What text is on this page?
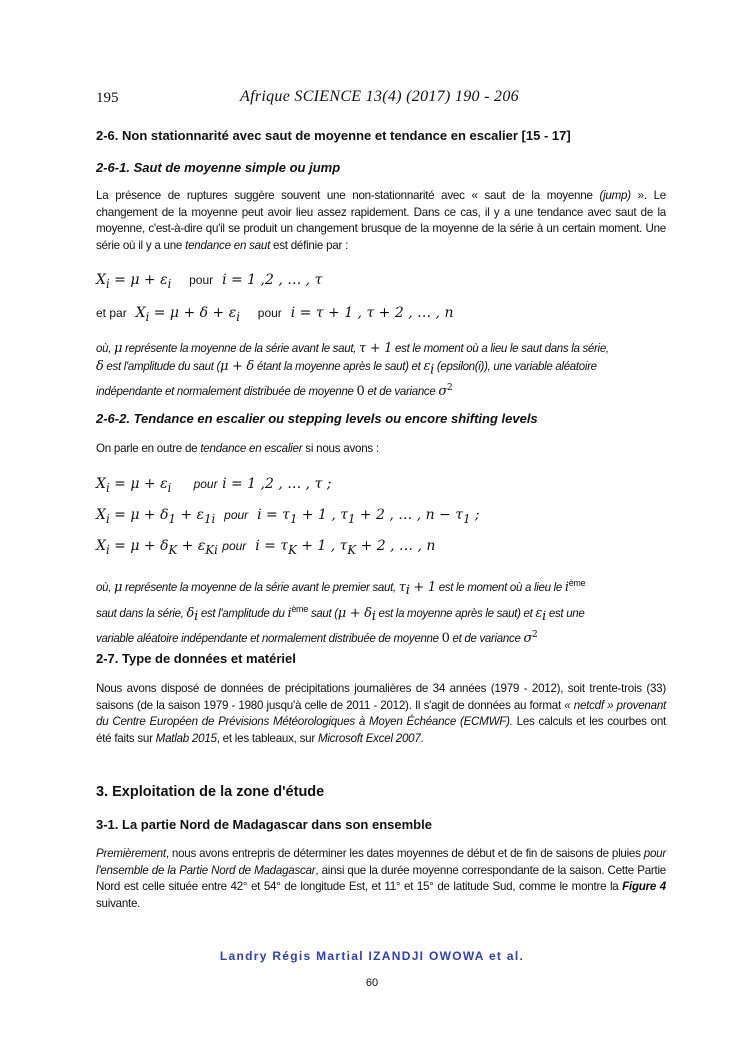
195	Afrique SCIENCE 13(4) (2017) 190 - 206
2-6. Non stationnarité avec saut de moyenne et tendance en escalier [15 - 17]
2-6-1. Saut de moyenne simple ou jump
La présence de ruptures suggère souvent une non-stationnarité avec « saut de la moyenne (jump) ». Le changement de la moyenne peut avoir lieu assez rapidement. Dans ce cas, il y a une tendance avec saut de la moyenne, c'est-à-dire qu'il se produit un changement brusque de la moyenne de la série à un certain moment. Une série où il y a une tendance en saut est définie par :
$X_i = \mu + \varepsilon_i$ pour i = 1 ,2 , … , τ
et par $X_i = \mu + \delta + \varepsilon_i$ pour i = τ + 1 , τ + 2 , … , n
où, μ représente la moyenne de la série avant le saut, τ + 1 est le moment où a lieu le saut dans la série,
δ est l'amplitude du saut (μ + δ étant la moyenne après le saut) et $\varepsilon_i$ (epsilon(i)), une variable aléatoire
indépendante et normalement distribuée de moyenne 0 et de variance $\sigma^2$
2-6-2. Tendance en escalier ou stepping levels ou encore shifting levels
On parle en outre de tendance en escalier si nous avons :
$X_i = \mu + \varepsilon_i$ pour i = 1 ,2 , … , τ ;
$X_i = \mu + \delta_1 + \varepsilon_{1i}$ pour $i = \tau_1 + 1$ , $\tau_1 + 2$ , … , $n - \tau_1$ ;
$X_i = \mu + \delta_K + \varepsilon_{Ki}$ pour $i = \tau_K + 1$ , $\tau_K + 2$ , … , n
où, μ représente la moyenne de la série avant le premier saut, $\tau_i + 1$ est le moment où a lieu le $i^{ème}$
saut dans la série, $\delta_i$ est l'amplitude du $i^{ème}$ saut ($\mu + \delta_i$ est la moyenne après le saut) et $\varepsilon_i$ est une
variable aléatoire indépendante et normalement distribuée de moyenne 0 et de variance $\sigma^2$
2-7. Type de données et matériel
Nous avons disposé de données de précipitations journalières de 34 années (1979 - 2012), soit trente-trois (33) saisons (de la saison 1979 - 1980 jusqu'à celle de 2011 - 2012). Il s'agit de données au format « netcdf » provenant du Centre Européen de Prévisions Météorologiques à Moyen Échéance (ECMWF). Les calculs et les courbes ont été faits sur Matlab 2015, et les tableaux, sur Microsoft Excel 2007.
3. Exploitation de la zone d'étude
3-1. La partie Nord de Madagascar dans son ensemble
Premièrement, nous avons entrepris de déterminer les dates moyennes de début et de fin de saisons de pluies pour l'ensemble de la Partie Nord de Madagascar, ainsi que la durée moyenne correspondante de la saison. Cette Partie Nord est celle située entre 42° et 54° de longitude Est, et 11° et 15° de latitude Sud, comme le montre la Figure 4 suivante.
Landry Régis Martial IZANDJI OWOWA et al.
60
